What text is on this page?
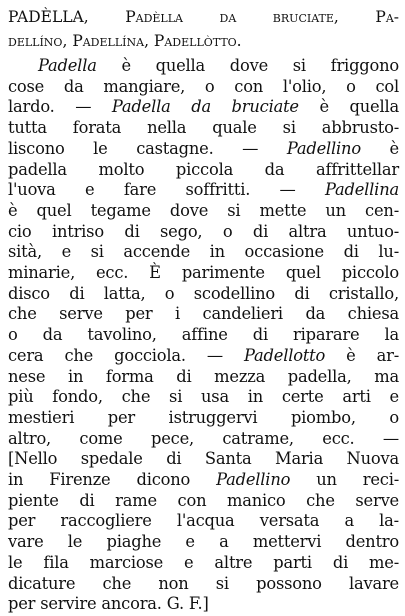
PADÈLLA, Padèlla da bruciate, Pa-
dellíno, Padellína, Padellòtto.
Padella è quella dove si friggono
cose da mangiare, o con l'olio, o col
lardo. — Padella da bruciate è quella
tutta forata nella quale si abbrusto-
liscono le castagne. — Padellino è
padella molto piccola da affrittellar
l'uova e fare soffritti. — Padellina
è quel tegame dove si mette un cen-
cio intriso di sego, o di altra untuo-
sità, e si accende in occasione di lu-
minarie, ecc. È parimente quel piccolo
disco di latta, o scodellino di cristallo,
che serve per i candelieri da chiesa
o da tavolino, affine di riparare la
cera che gocciola. — Padellotto è ar-
nese in forma di mezza padella, ma
più fondo, che si usa in certe arti e
mestieri per istruggervi piombo, o
altro, come pece, catrame, ecc. —
[Nello spedale di Santa Maria Nuova
in Firenze dicono Padellino un reci-
piente di rame con manico che serve
per raccogliere l'acqua versata a la-
vare le piaghe e a mettervi dentro
le fila marciose e altre parti di me-
dicature che non si possono lavare
per servire ancora. G. F.]
